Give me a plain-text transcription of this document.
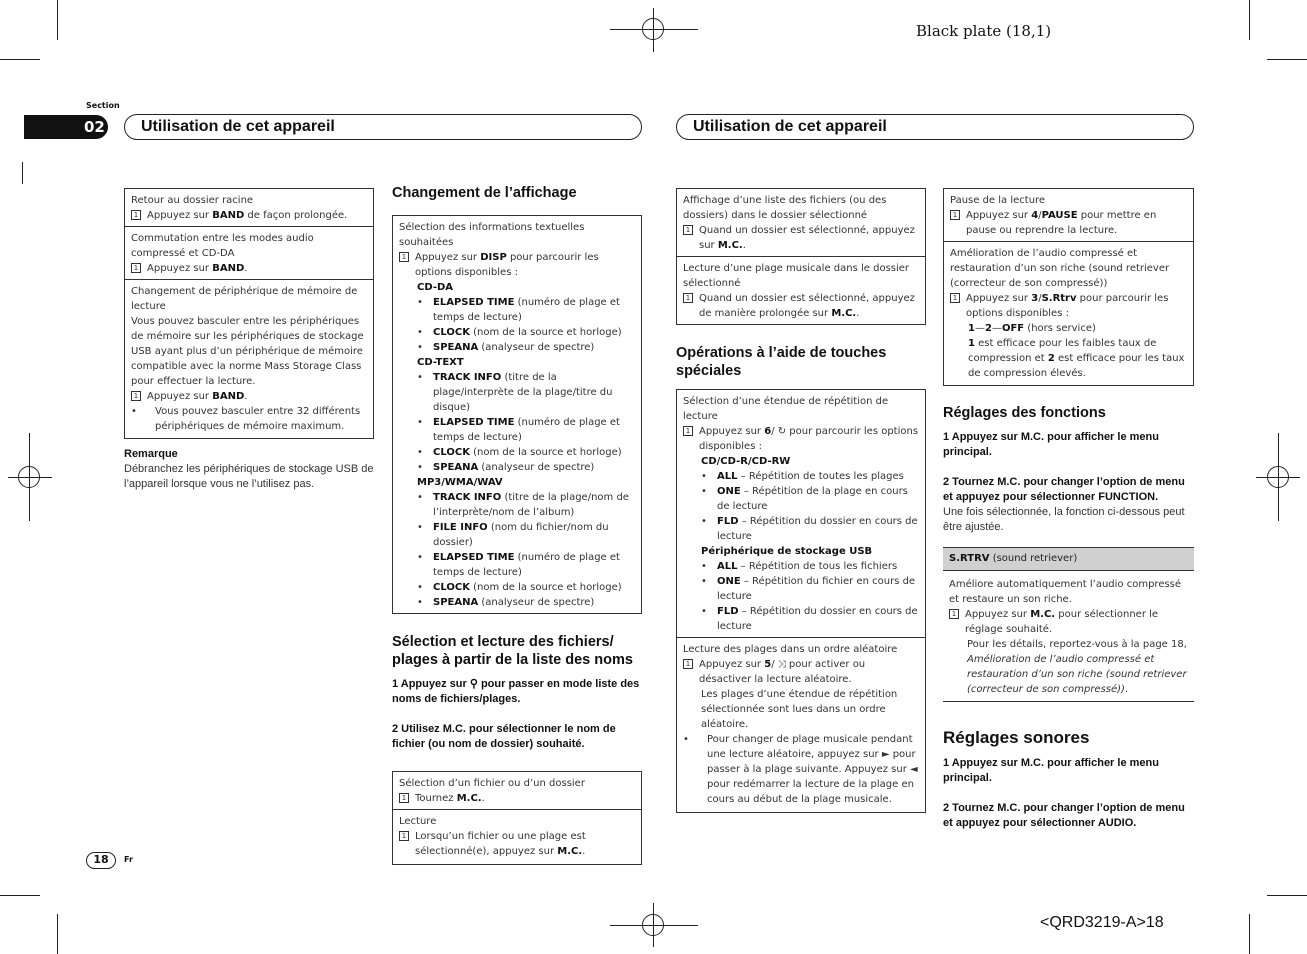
Black plate (18,1)
Section
02	Utilisation de cet appareil	Utilisation de cet appareil
Retour au dossier racine
1 Appuyez sur BAND de façon prolongée.
Commutation entre les modes audio compressé et CD-DA
1 Appuyez sur BAND.
Changement de périphérique de mémoire de lecture
Vous pouvez basculer entre les périphériques de mémoire sur les périphériques de stockage USB ayant plus d’un périphérique de mémoire compatible avec la norme Mass Storage Class pour effectuer la lecture.
1 Appuyez sur BAND.
•	Vous pouvez basculer entre 32 différents périphériques de mémoire maximum.
Remarque
Débranchez les périphériques de stockage USB de l’appareil lorsque vous ne l’utilisez pas.
Changement de l’affichage
Sélection des informations textuelles souhaitées
1 Appuyez sur DISP pour parcourir les options disponibles :
CD-DA
• ELAPSED TIME (numéro de plage et temps de lecture)
• CLOCK (nom de la source et horloge)
• SPEANA (analyseur de spectre)
CD-TEXT
• TRACK INFO (titre de la plage/interprète de la plage/titre du disque)
• ELAPSED TIME (numéro de plage et temps de lecture)
• CLOCK (nom de la source et horloge)
• SPEANA (analyseur de spectre)
MP3/WMA/WAV
• TRACK INFO (titre de la plage/nom de l’interprète/nom de l’album)
• FILE INFO (nom du fichier/nom du dossier)
• ELAPSED TIME (numéro de plage et temps de lecture)
• CLOCK (nom de la source et horloge)
• SPEANA (analyseur de spectre)
Sélection et lecture des fichiers/ plages à partir de la liste des noms
1 Appuyez sur ⚲ pour passer en mode liste des noms de fichiers/plages.
2 Utilisez M.C. pour sélectionner le nom de fichier (ou nom de dossier) souhaité.
Sélection d’un fichier ou d’un dossier
1 Tournez M.C..
Lecture
1 Lorsqu’un fichier ou une plage est sélectionné(e), appuyez sur M.C..
Affichage d’une liste des fichiers (ou des dossiers) dans le dossier sélectionné
1 Quand un dossier est sélectionné, appuyez sur M.C..
Lecture d’une plage musicale dans le dossier sélectionné
1 Quand un dossier est sélectionné, appuyez de manière prolongée sur M.C..
Opérations à l’aide de touches spéciales
Sélection d’une étendue de répétition de lecture
1 Appuyez sur 6/ ↻ pour parcourir les options disponibles :
CD/CD-R/CD-RW
• ALL – Répétition de toutes les plages
• ONE – Répétition de la plage en cours de lecture
• FLD – Répétition du dossier en cours de lecture
Périphérique de stockage USB
• ALL – Répétition de tous les fichiers
• ONE – Répétition du fichier en cours de lecture
• FLD – Répétition du dossier en cours de lecture
Lecture des plages dans un ordre aléatoire
1 Appuyez sur 5/ ⤨ pour activer ou désactiver la lecture aléatoire.
Les plages d’une étendue de répétition sélectionnée sont lues dans un ordre aléatoire.
•	Pour changer de plage musicale pendant une lecture aléatoire, appuyez sur ► pour passer à la plage suivante. Appuyez sur ◄ pour redémarrer la lecture de la plage en cours au début de la plage musicale.
Pause de la lecture
1 Appuyez sur 4/PAUSE pour mettre en pause ou reprendre la lecture.
Amélioration de l’audio compressé et restauration d’un son riche (sound retriever (correcteur de son compressé))
1 Appuyez sur 3/S.Rtrv pour parcourir les options disponibles :
1—2—OFF (hors service)
1 est efficace pour les faibles taux de compression et 2 est efficace pour les taux de compression élevés.
Réglages des fonctions
1 Appuyez sur M.C. pour afficher le menu principal.
2 Tournez M.C. pour changer l’option de menu et appuyez pour sélectionner FUNCTION.
Une fois sélectionnée, la fonction ci-dessous peut être ajustée.
S.RTRV (sound retriever)
Améliore automatiquement l’audio compressé et restaure un son riche.
1 Appuyez sur M.C. pour sélectionner le réglage souhaité.
Pour les détails, reportez-vous à la page 18,
Amélioration de l’audio compressé et restauration d’un son riche (sound retriever (correcteur de son compressé)).
Réglages sonores
1 Appuyez sur M.C. pour afficher le menu principal.
2 Tournez M.C. pour changer l’option de menu et appuyez pour sélectionner AUDIO.
18	Fr
<QRD3219-A>18
